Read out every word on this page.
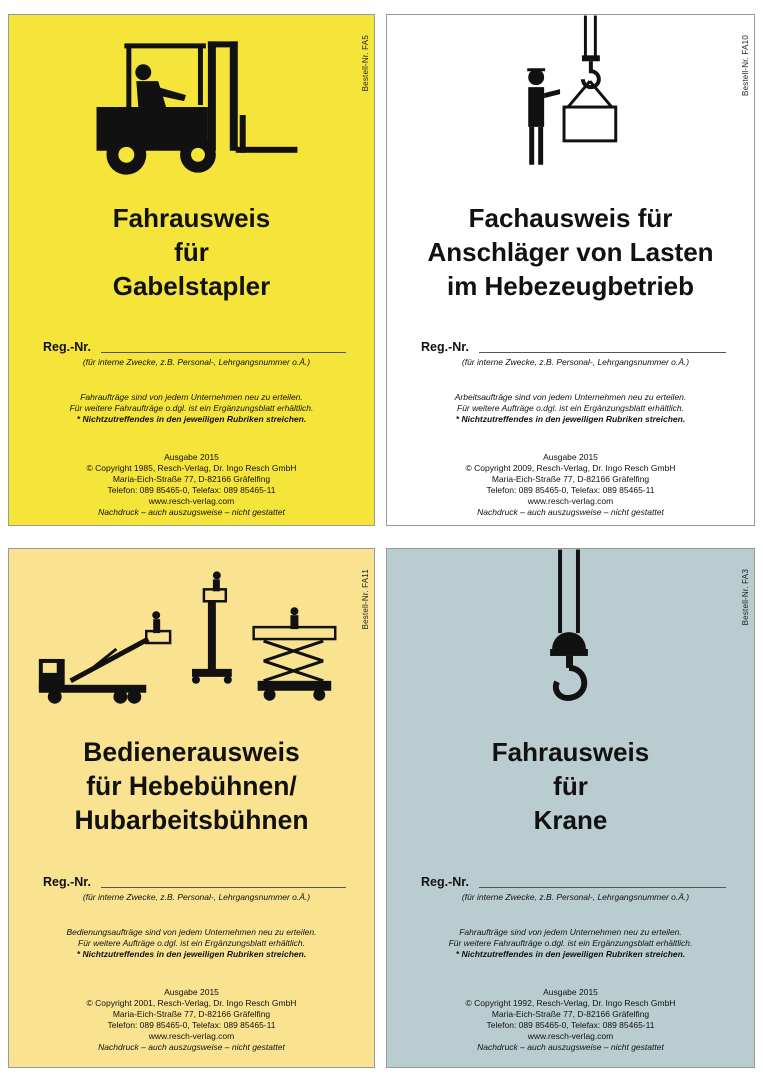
Bestell-Nr. FA5
Fahrausweis
für
Gabelstapler
Reg.-Nr.
(für interne Zwecke, z.B. Personal-, Lehrgangsnummer o.Ä.)
Fahraufträge sind von jedem Unternehmen neu zu erteilen.
Für weitere Fahraufträge o.dgl. ist ein Ergänzungsblatt erhältlich.
* Nichtzutreffendes in den jeweiligen Rubriken streichen.
Ausgabe 2015
© Copyright 1985, Resch-Verlag, Dr. Ingo Resch GmbH
Maria-Eich-Straße 77, D-82166 Gräfelfing
Telefon: 089 85465-0, Telefax: 089 85465-11
www.resch-verlag.com
Nachdruck – auch auszugsweise – nicht gestattet
Bestell-Nr. FA10
Fachausweis für
Anschläger von Lasten
im Hebezeugbetrieb
Reg.-Nr.
(für interne Zwecke, z.B. Personal-, Lehrgangsnummer o.Ä.)
Arbeitsaufträge sind von jedem Unternehmen neu zu erteilen.
Für weitere Aufträge o.dgl. ist ein Ergänzungsblatt erhältlich.
* Nichtzutreffendes in den jeweiligen Rubriken streichen.
Ausgabe 2015
© Copyright 2009, Resch-Verlag, Dr. Ingo Resch GmbH
Maria-Eich-Straße 77, D-82166 Gräfelfing
Telefon: 089 85465-0, Telefax: 089 85465-11
www.resch-verlag.com
Nachdruck – auch auszugsweise – nicht gestattet
Bestell-Nr. FA11
Bedienerausweis
für Hebebühnen/
Hubarbeitsbühnen
Reg.-Nr.
(für interne Zwecke, z.B. Personal-, Lehrgangsnummer o.Ä.)
Bedienungsaufträge sind von jedem Unternehmen neu zu erteilen.
Für weitere Aufträge o.dgl. ist ein Ergänzungsblatt erhältlich.
* Nichtzutreffendes in den jeweiligen Rubriken streichen.
Ausgabe 2015
© Copyright 2001, Resch-Verlag, Dr. Ingo Resch GmbH
Maria-Eich-Straße 77, D-82166 Gräfelfing
Telefon: 089 85465-0, Telefax: 089 85465-11
www.resch-verlag.com
Nachdruck – auch auszugsweise – nicht gestattet
Bestell-Nr. FA3
Fahrausweis
für
Krane
Reg.-Nr.
(für interne Zwecke, z.B. Personal-, Lehrgangsnummer o.Ä.)
Fahraufträge sind von jedem Unternehmen neu zu erteilen.
Für weitere Fahraufträge o.dgl. ist ein Ergänzungsblatt erhältlich.
* Nichtzutreffendes in den jeweiligen Rubriken streichen.
Ausgabe 2015
© Copyright 1992, Resch-Verlag, Dr. Ingo Resch GmbH
Maria-Eich-Straße 77, D-82166 Gräfelfing
Telefon: 089 85465-0, Telefax: 089 85465-11
www.resch-verlag.com
Nachdruck – auch auszugsweise – nicht gestattet
